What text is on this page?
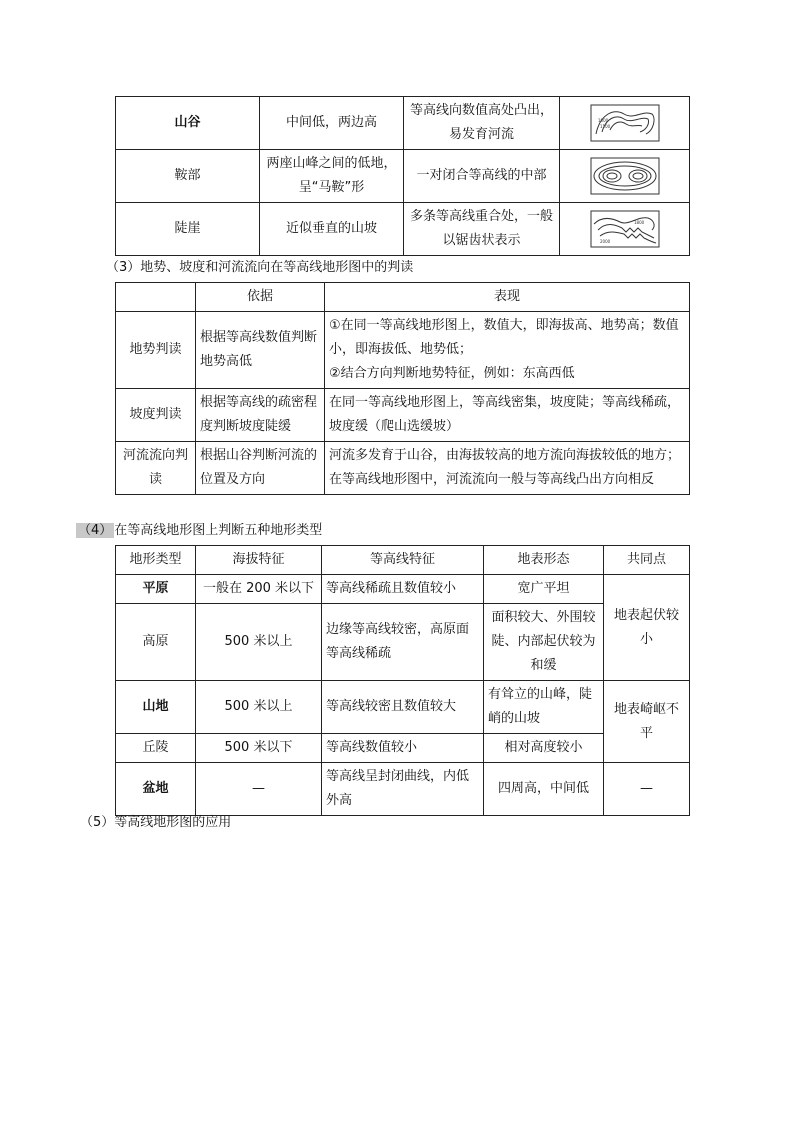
山谷	中间低，两边高	等高线向数值高处凸出，易发育河流	1000
1100

鞍部	两座山峰之间的低地，呈“马鞍”形	一对闭合等高线的中部	

陡崖	近似垂直的山坡	多条等高线重合处，一般以锯齿状表示	2000
1800
（3）地势、坡度和河流流向在等高线地形图中的判读
	依据	表现
地势判读	根据等高线数值判断地势高低	①在同一等高线地形图上，数值大，即海拔高、地势高；数值小，即海拔低、地势低；
②结合方向判断地势特征，例如：东高西低

坡度判读	根据等高线的疏密程度判断坡度陡缓	在同一等高线地形图上，等高线密集，坡度陡；等高线稀疏，坡度缓（爬山选缓坡）

河流流向判读	根据山谷判断河流的位置及方向	河流多发育于山谷，由海拔较高的地方流向海拔较低的地方；在等高线地形图中，河流流向一般与等高线凸出方向相反
（4） 在等高线地形图上判断五种地形类型
地形类型	海拔特征	等高线特征	地表形态	共同点
平原	一般在 200 米以下	等高线稀疏且数值较小	宽广平坦	地表起伏较小
高原	500 米以上	边缘等高线较密，高原面等高线稀疏	面积较大、外围较陡、内部起伏较为和缓	
山地	500 米以上	等高线较密且数值较大	有耸立的山峰，陡峭的山坡	地表崎岖不平
丘陵	500 米以下	等高线数值较小	相对高度较小	
盆地	—	等高线呈封闭曲线，内低外高	四周高，中间低	—
（5）等高线地形图的应用
